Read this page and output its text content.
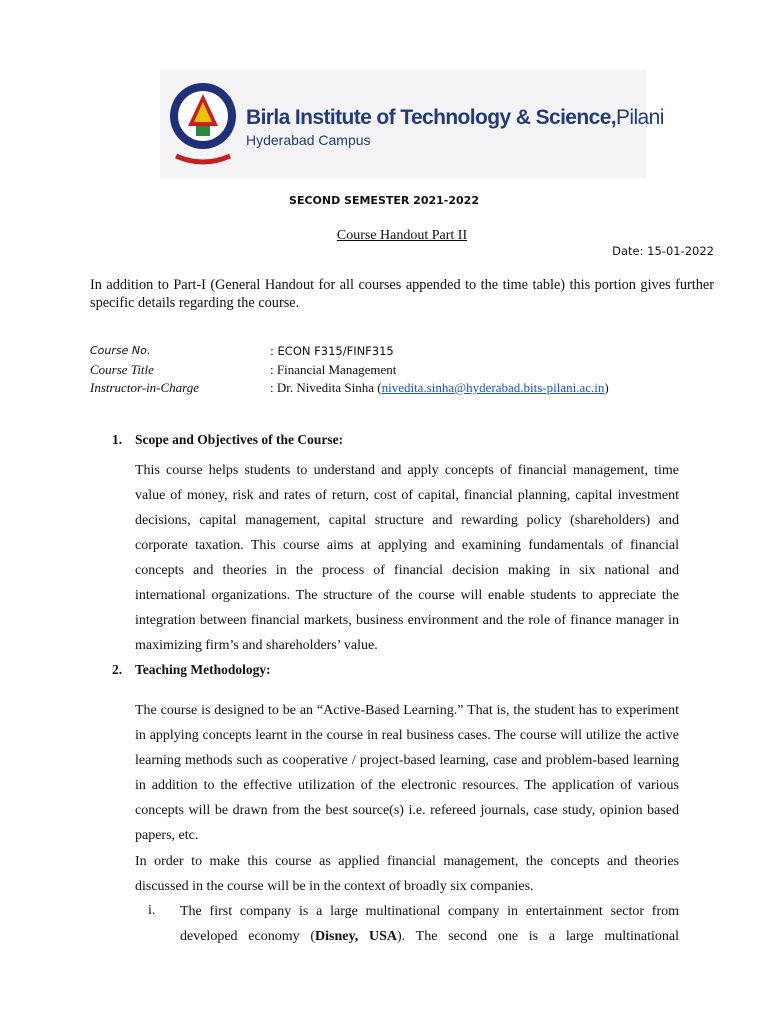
Birla Institute of Technology & Science,Pilani
Hyderabad Campus
SECOND SEMESTER 2021-2022
Course Handout Part II
Date: 15-01-2022
In addition to Part-I (General Handout for all courses appended to the time table) this portion gives further specific details regarding the course.
Course No.	: ECON F315/FINF315
Course Title	: Financial Management
Instructor-in-Charge	: Dr. Nivedita Sinha (nivedita.sinha@hyderabad.bits-pilani.ac.in)
1. Scope and Objectives of the Course:
This course helps students to understand and apply concepts of financial management, time value of money, risk and rates of return, cost of capital, financial planning, capital investment decisions, capital management, capital structure and rewarding policy (shareholders) and corporate taxation. This course aims at applying and examining fundamentals of financial concepts and theories in the process of financial decision making in six national and international organizations. The structure of the course will enable students to appreciate the integration between financial markets, business environment and the role of finance manager in maximizing firm’s and shareholders’ value.
2. Teaching Methodology:
The course is designed to be an “Active-Based Learning.” That is, the student has to experiment in applying concepts learnt in the course in real business cases. The course will utilize the active learning methods such as cooperative / project-based learning, case and problem-based learning in addition to the effective utilization of the electronic resources. The application of various concepts will be drawn from the best source(s) i.e. refereed journals, case study, opinion based papers, etc.
In order to make this course as applied financial management, the concepts and theories discussed in the course will be in the context of broadly six companies.
i. The first company is a large multinational company in entertainment sector from
developed economy (Disney, USA). The second one is a large multinational
